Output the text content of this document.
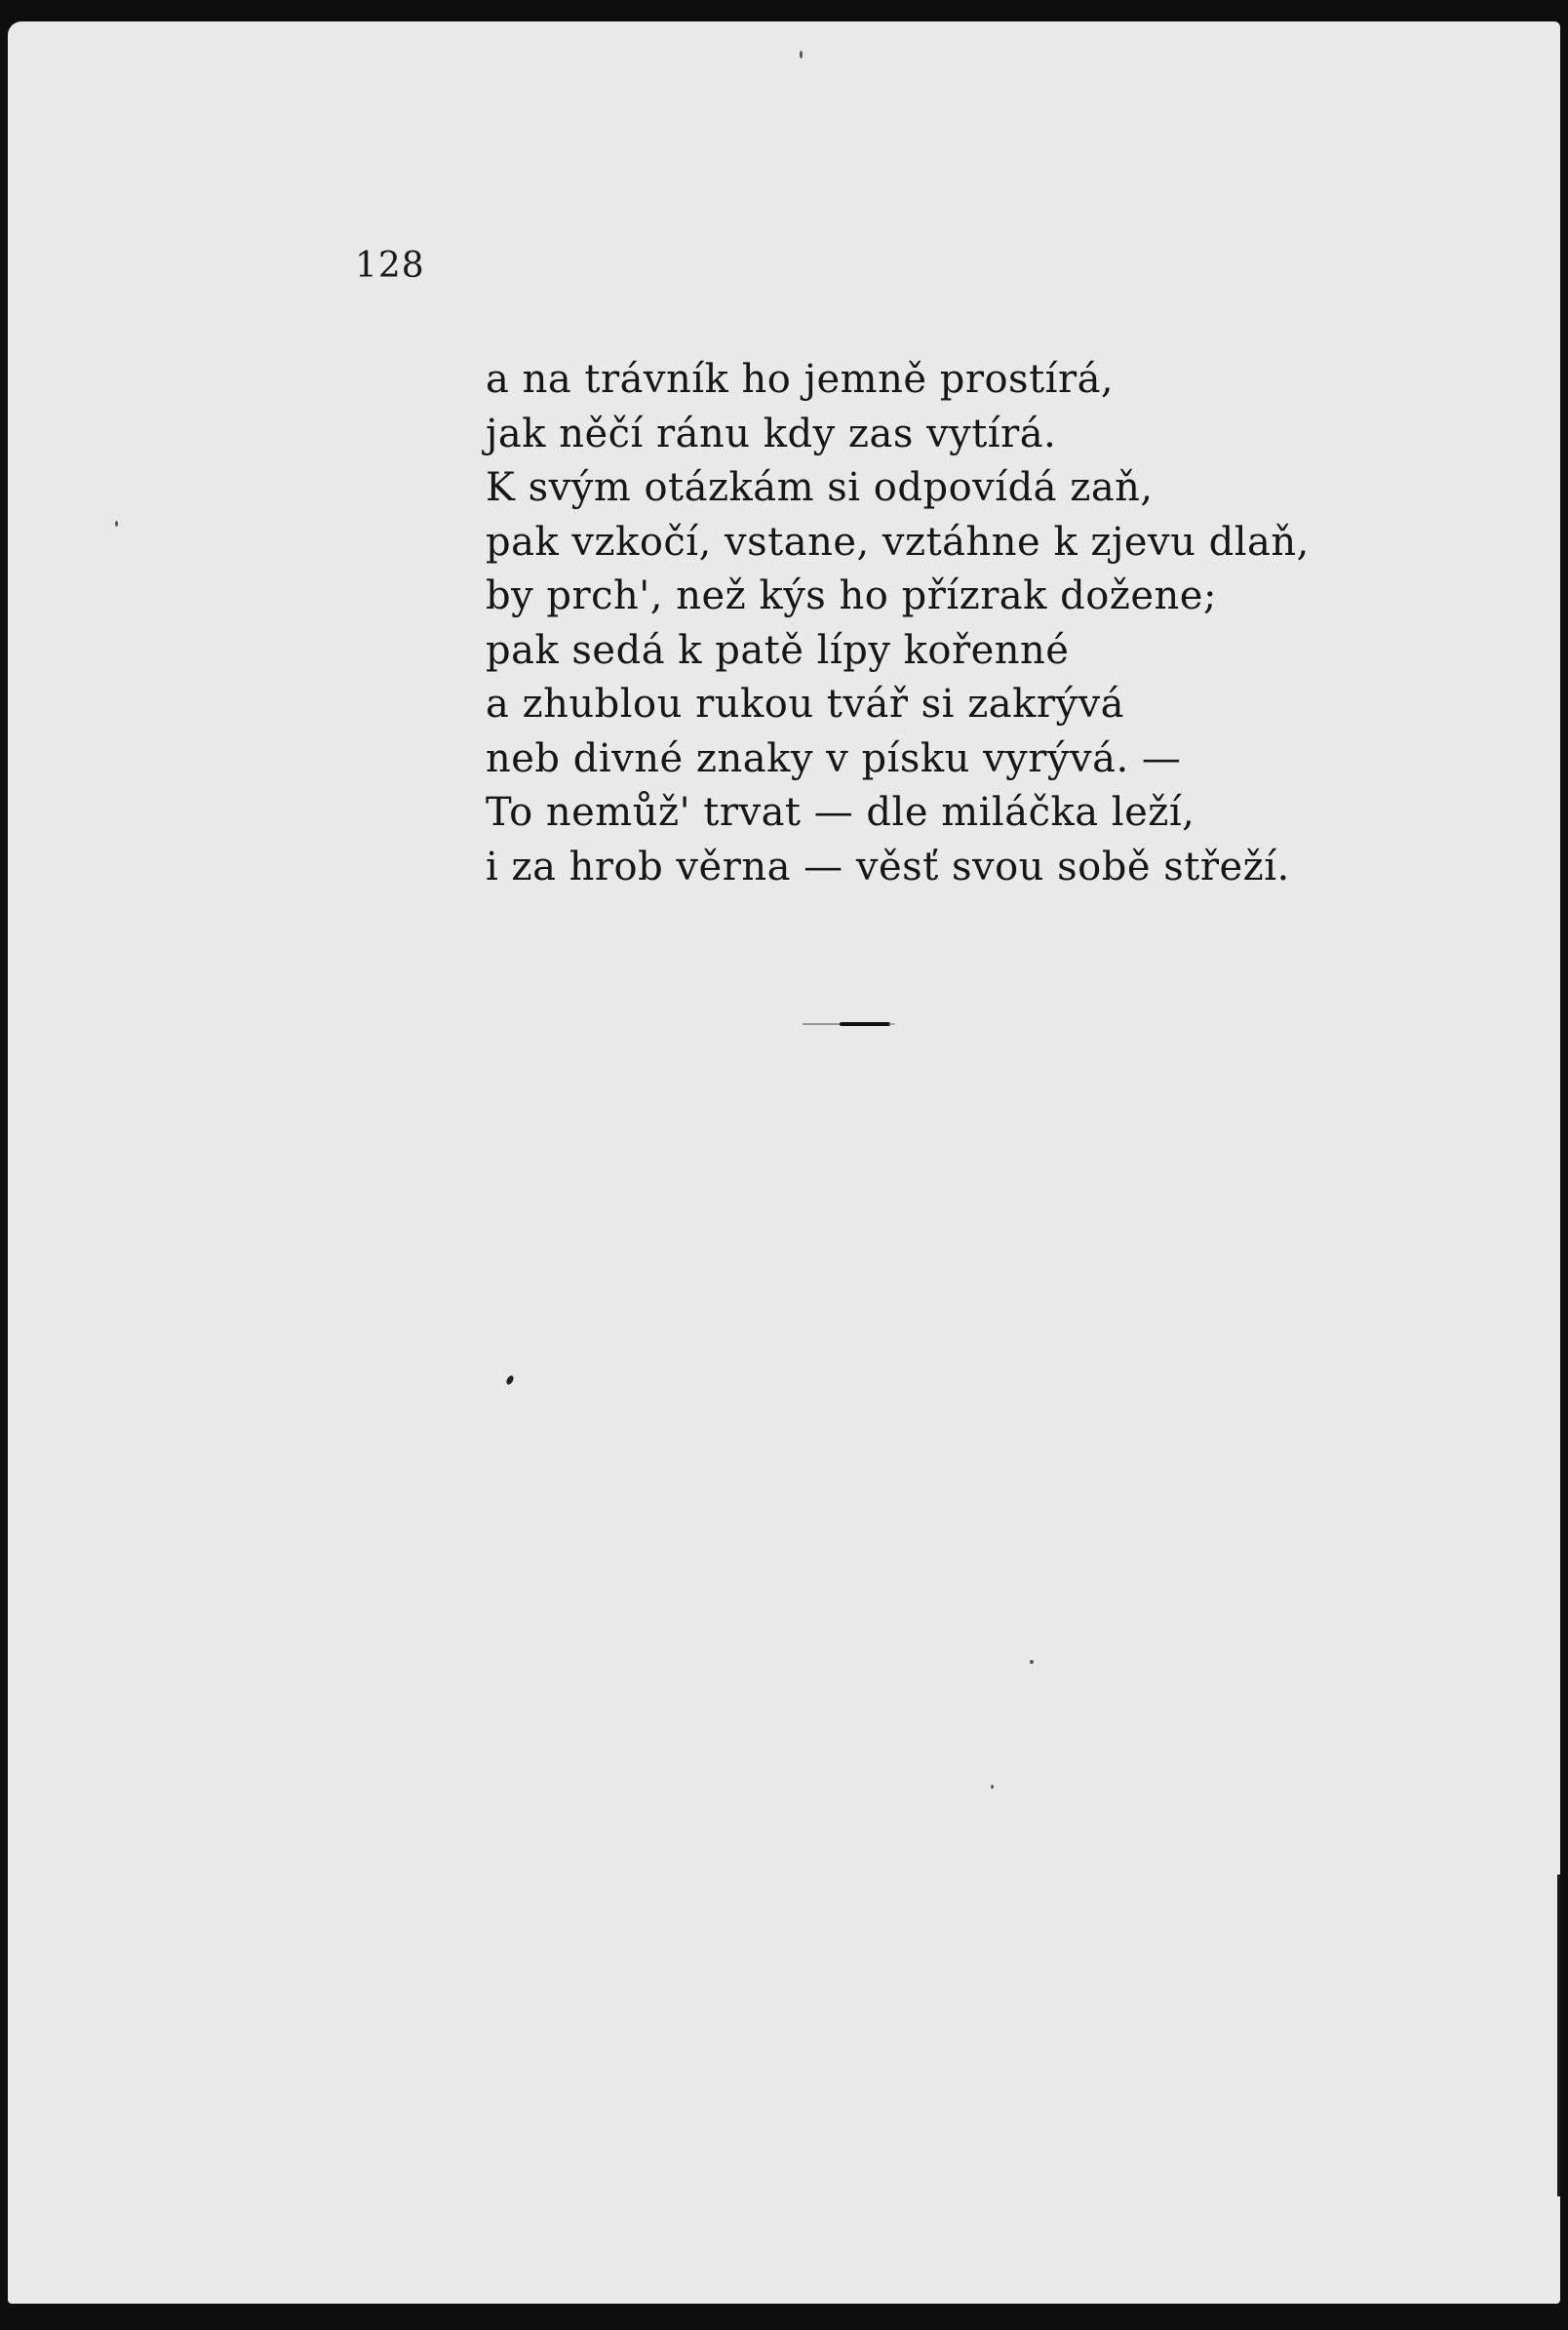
128
a na trávník ho jemně prostírá,
jak něčí ránu kdy zas vytírá.
K svým otázkám si odpovídá zaň,
pak vzkočí, vstane, vztáhne k zjevu dlaň,
by prch', než kýs ho přízrak dožene;
pak sedá k patě lípy kořenné
a zhublou rukou tvář si zakrývá
neb divné znaky v písku vyrývá. —
To nemůž' trvat — dle miláčka leží,
i za hrob věrna — věsť svou sobě střeží.
